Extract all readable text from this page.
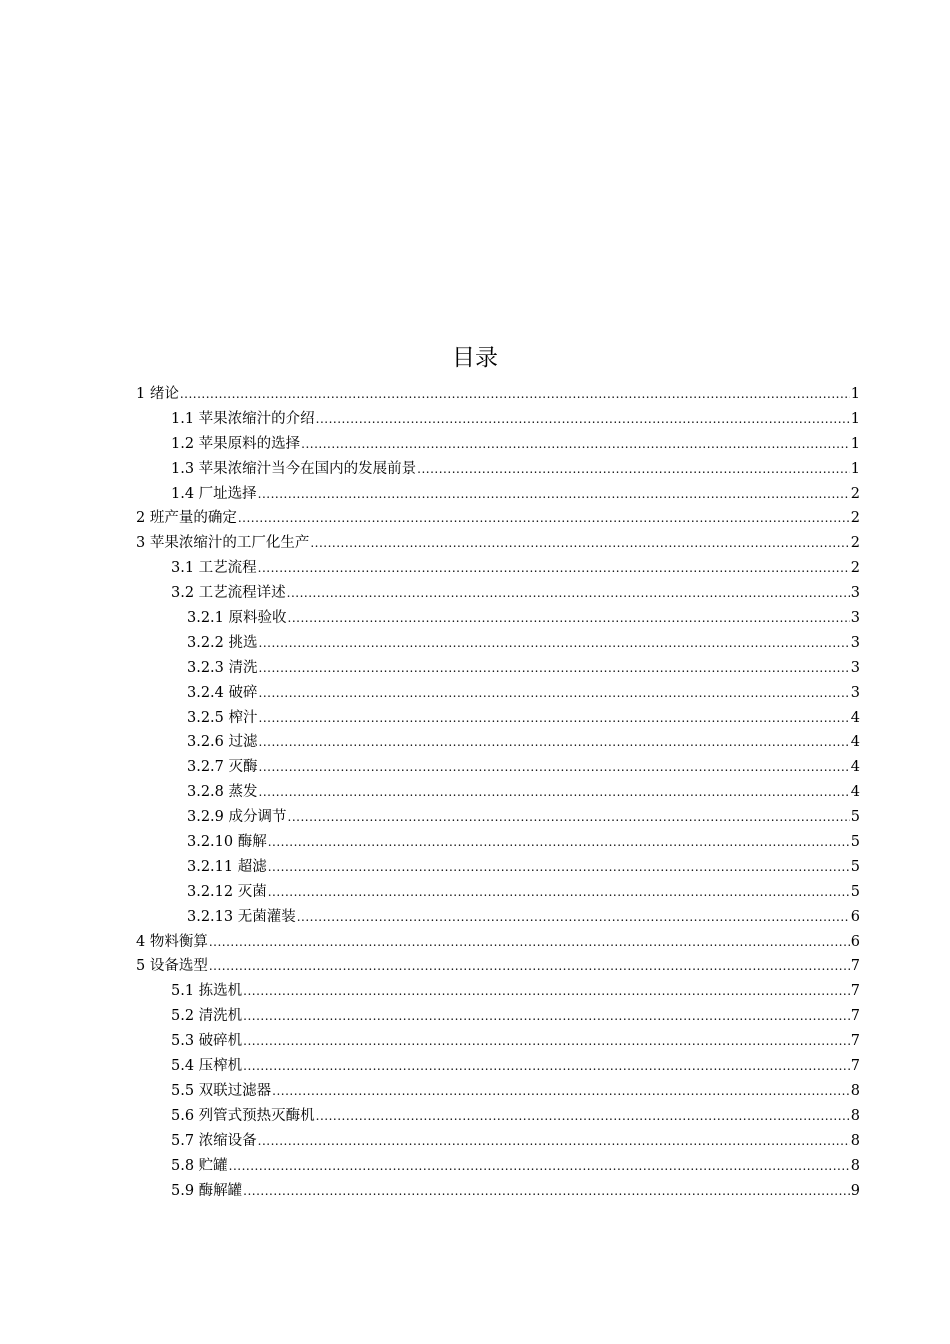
目录
1 绪论 .....	1
1.1 苹果浓缩汁的介绍 .....	1
1.2 苹果原料的选择 .....	1
1.3 苹果浓缩汁当今在国内的发展前景 .....	1
1.4 厂址选择 .....	2
2 班产量的确定 .....	2
3 苹果浓缩汁的工厂化生产 .....	2
3.1 工艺流程 .....	2
3.2 工艺流程详述 .....	3
3.2.1 原料验收 .....	3
3.2.2 挑选 .....	3
3.2.3 清洗 .....	3
3.2.4 破碎 .....	3
3.2.5 榨汁 .....	4
3.2.6 过滤 .....	4
3.2.7 灭酶 .....	4
3.2.8 蒸发 .....	4
3.2.9 成分调节 .....	5
3.2.10 酶解 .....	5
3.2.11 超滤 .....	5
3.2.12 灭菌 .....	5
3.2.13 无菌灌装 .....	6
4 物料衡算 .....	6
5 设备选型 .....	7
5.1 拣选机 .....	7
5.2 清洗机 .....	7
5.3 破碎机 .....	7
5.4 压榨机 .....	7
5.5 双联过滤器 .....	8
5.6 列管式预热灭酶机 .....	8
5.7 浓缩设备 .....	8
5.8 贮罐 .....	8
5.9 酶解罐 .....	9
